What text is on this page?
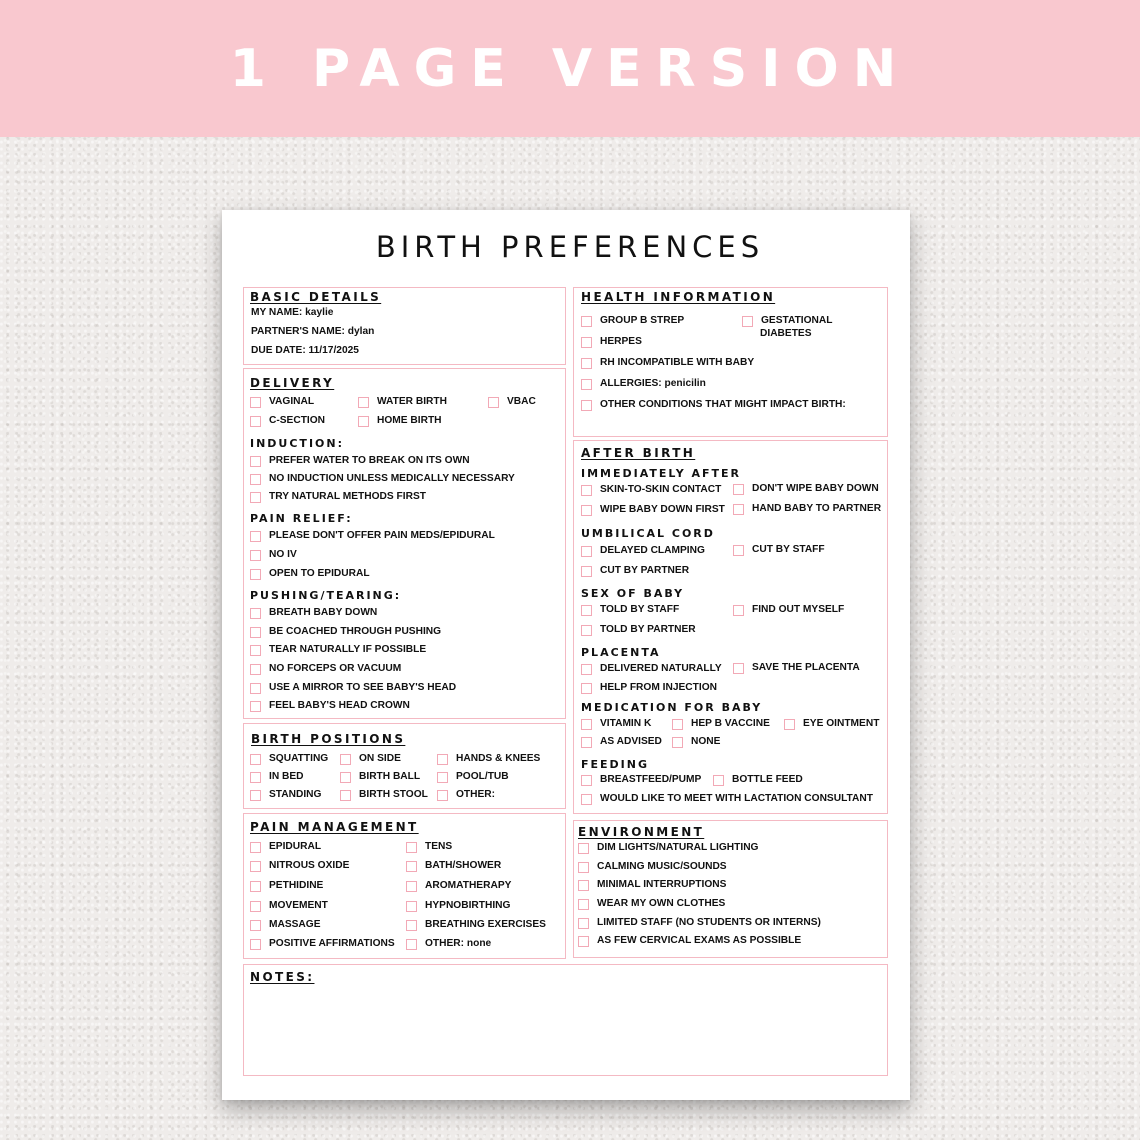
1 PAGE VERSION
BIRTH PREFERENCES
BASIC DETAILS
MY NAME: kaylie
PARTNER'S NAME: dylan
DUE DATE: 11/17/2025
DELIVERY
VAGINAL	WATER BIRTH	VBAC
C-SECTION	HOME BIRTH
INDUCTION:
PREFER WATER TO BREAK ON ITS OWN
NO INDUCTION UNLESS MEDICALLY NECESSARY
TRY NATURAL METHODS FIRST
PAIN RELIEF:
PLEASE DON'T OFFER PAIN MEDS/EPIDURAL
NO IV
OPEN TO EPIDURAL
PUSHING/TEARING:
BREATH BABY DOWN
BE COACHED THROUGH PUSHING
TEAR NATURALLY IF POSSIBLE
NO FORCEPS OR VACUUM
USE A MIRROR TO SEE BABY'S HEAD
FEEL BABY'S HEAD CROWN
BIRTH POSITIONS
SQUATTING	ON SIDE	HANDS & KNEES
IN BED	BIRTH BALL	POOL/TUB
STANDING	BIRTH STOOL	OTHER:
PAIN MANAGEMENT
EPIDURAL	TENS
NITROUS OXIDE	BATH/SHOWER
PETHIDINE	AROMATHERAPY
MOVEMENT	HYPNOBIRTHING
MASSAGE	BREATHING EXERCISES
POSITIVE AFFIRMATIONS	OTHER: none
HEALTH INFORMATION
GROUP B STREP	GESTATIONAL
DIABETES
HERPES
RH INCOMPATIBLE WITH BABY
ALLERGIES: penicilin
OTHER CONDITIONS THAT MIGHT IMPACT BIRTH:
AFTER BIRTH
IMMEDIATELY AFTER
SKIN-TO-SKIN CONTACT	DON'T WIPE BABY DOWN
WIPE BABY DOWN FIRST	HAND BABY TO PARTNER
UMBILICAL CORD
DELAYED CLAMPING	CUT BY STAFF
CUT BY PARTNER
SEX OF BABY
TOLD BY STAFF	FIND OUT MYSELF
TOLD BY PARTNER
PLACENTA
DELIVERED NATURALLY	SAVE THE PLACENTA
HELP FROM INJECTION
MEDICATION FOR BABY
VITAMIN K	HEP B VACCINE	EYE OINTMENT
AS ADVISED	NONE
FEEDING
BREASTFEED/PUMP	BOTTLE FEED
WOULD LIKE TO MEET WITH LACTATION CONSULTANT
ENVIRONMENT
DIM LIGHTS/NATURAL LIGHTING
CALMING MUSIC/SOUNDS
MINIMAL INTERRUPTIONS
WEAR MY OWN CLOTHES
LIMITED STAFF (NO STUDENTS OR INTERNS)
AS FEW CERVICAL EXAMS AS POSSIBLE
NOTES:
